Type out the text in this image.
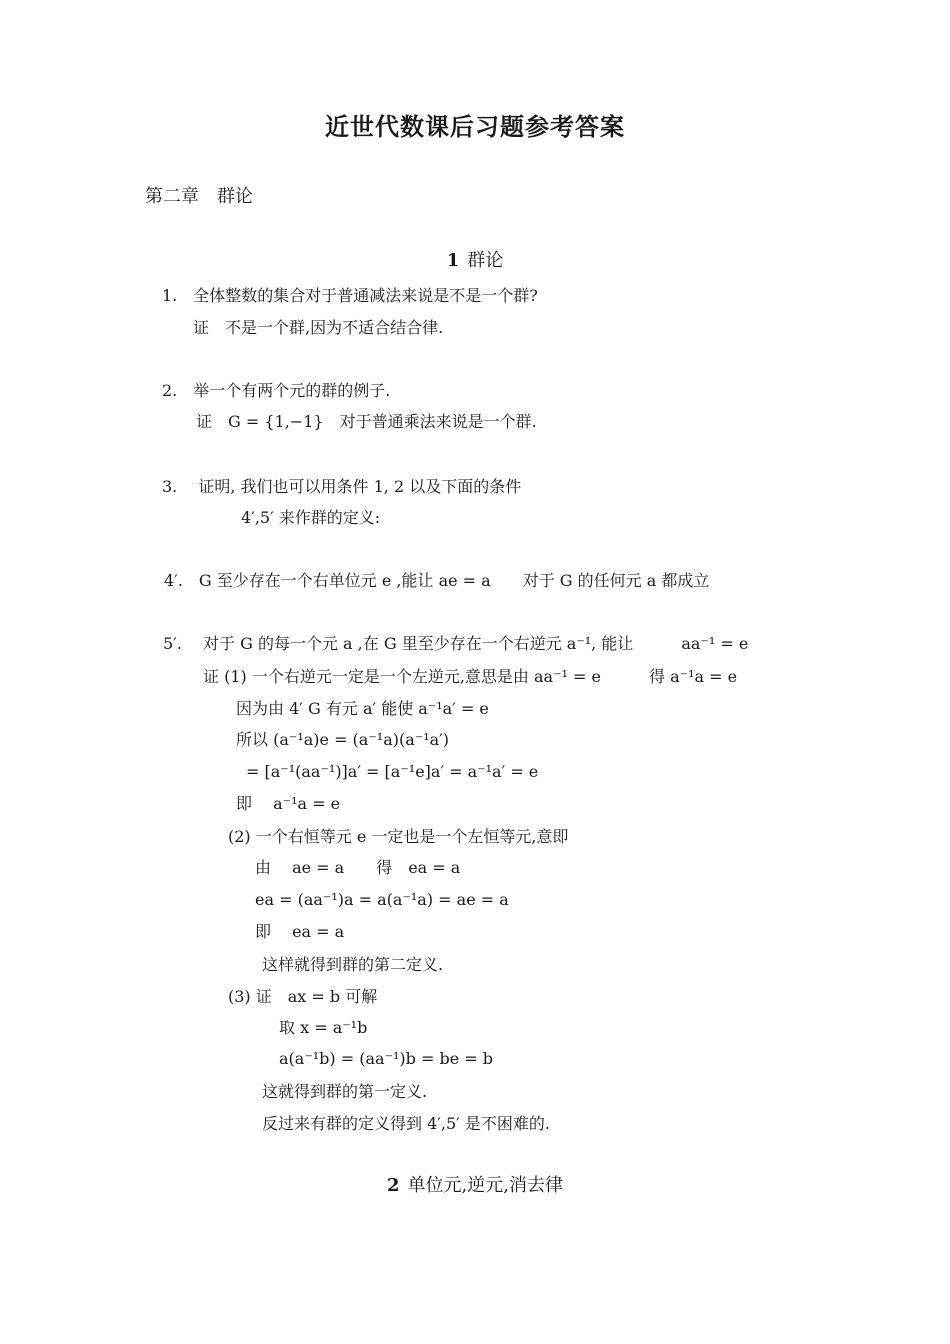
近世代数课后习题参考答案
第二章　群论
1 群论
1.　全体整数的集合对于普通减法来说是不是一个群?
证　不是一个群,因为不适合结合律.
2.　举一个有两个元的群的例子.
证　G = {1,−1}　对于普通乘法来说是一个群.
3.　 证明, 我们也可以用条件 1, 2 以及下面的条件
4′,5′ 来作群的定义:
4′.　G 至少存在一个右单位元 e ,能让 ae = a　　对于 G 的任何元 a 都成立
5′.　 对于 G 的每一个元 a ,在 G 里至少存在一个右逆元 a⁻¹, 能让　　　aa⁻¹ = e
证 (1) 一个右逆元一定是一个左逆元,意思是由 aa⁻¹ = e　　　得 a⁻¹a = e
因为由 4′ G 有元 a′ 能使 a⁻¹a′ = e
所以 (a⁻¹a)e = (a⁻¹a)(a⁻¹a′)
= [a⁻¹(aa⁻¹)]a′ = [a⁻¹e]a′ = a⁻¹a′ = e
即　 a⁻¹a = e
(2) 一个右恒等元 e 一定也是一个左恒等元,意即
由　 ae = a　　得　ea = a
ea = (aa⁻¹)a = a(a⁻¹a) = ae = a
即　 ea = a
这样就得到群的第二定义.
(3) 证　ax = b 可解
取 x = a⁻¹b
a(a⁻¹b) = (aa⁻¹)b = be = b
这就得到群的第一定义.
反过来有群的定义得到 4′,5′ 是不困难的.
2 单位元,逆元,消去律
